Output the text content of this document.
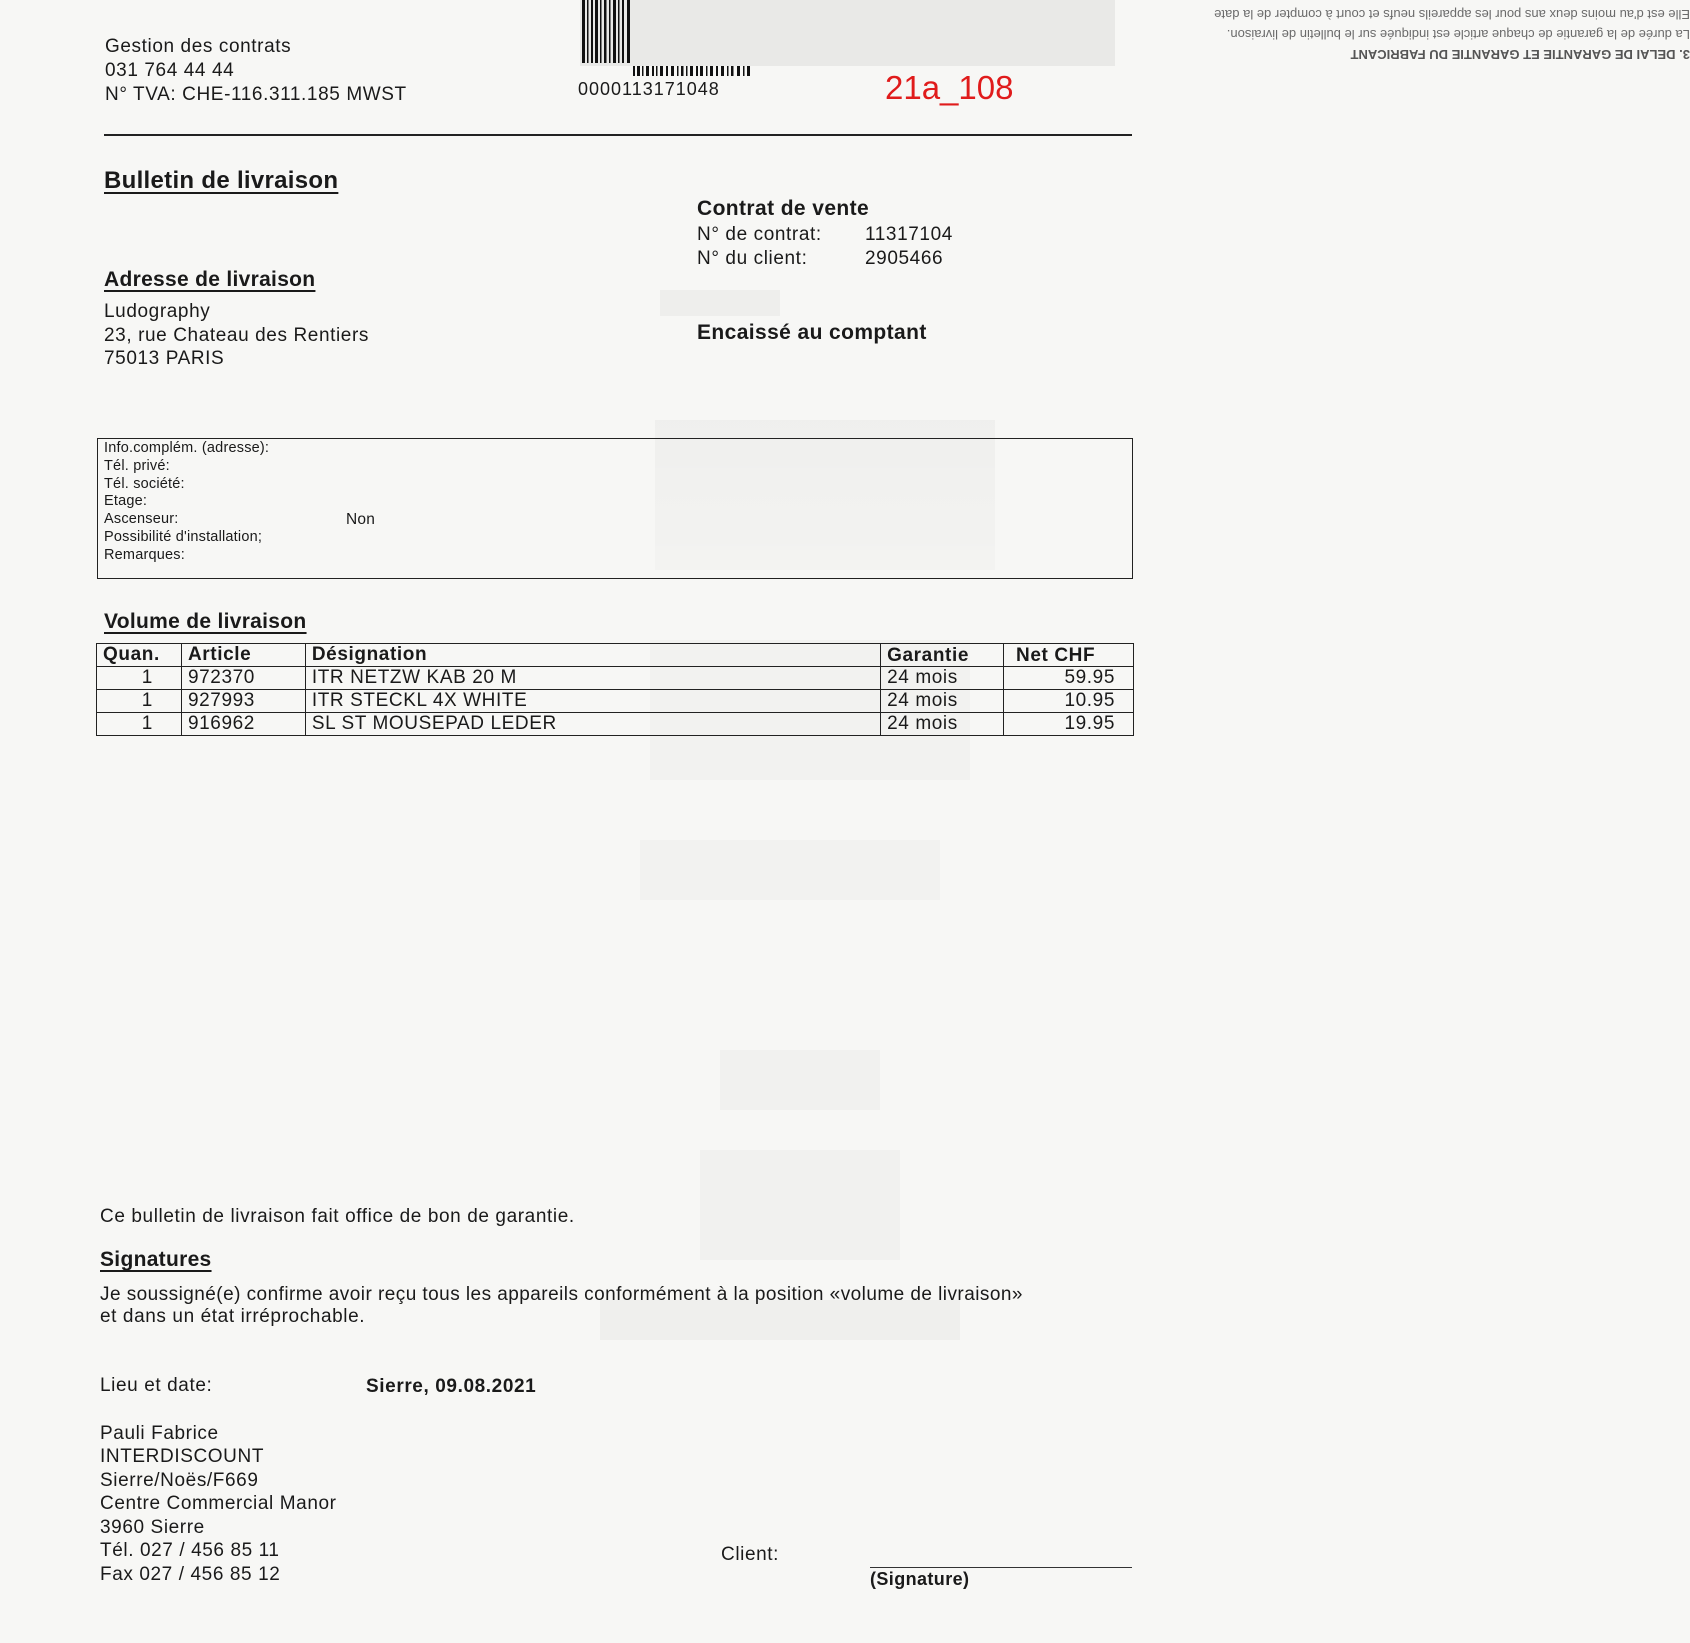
Gestion des contrats
031 764 44 44
N° TVA: CHE-116.311.185 MWST
3. DELAI DE GARANTIE ET GARANTIE DU FABRICANT
La durée de la garantie de chaque article est indiquée sur le bulletin de livraison.
Elle est d'au moins deux ans pour les appareils neufs et court à compter de la date
0000113171048	21a_108
Bulletin de livraison
Contrat de vente
N° de contrat: 11317104
N° du client:	2905466
Encaissé au comptant
Adresse de livraison
Ludography
23, rue Chateau des Rentiers
75013 PARIS
Info.complém. (adresse):
Tél. privé:
Tél. société:
Etage:
Ascenseur:	Non
Possibilité d'installation;
Remarques:
Volume de livraison
Quan.	Article	Désignation	Garantie	Net CHF
1	972370	ITR NETZW KAB 20 M	24 mois	59.95
1	927993	ITR STECKL 4X WHITE	24 mois	10.95
1	916962	SL ST MOUSEPAD LEDER	24 mois	19.95
Ce bulletin de livraison fait office de bon de garantie.
Signatures
Je soussigné(e) confirme avoir reçu tous les appareils conformément à la position «volume de livraison»
et dans un état irréprochable.
Lieu et date:	Sierre, 09.08.2021
Pauli Fabrice
INTERDISCOUNT
Sierre/Noës/F669
Centre Commercial Manor
3960 Sierre
Tél. 027 / 456 85 11
Fax 027 / 456 85 12
Client:
(Signature)
